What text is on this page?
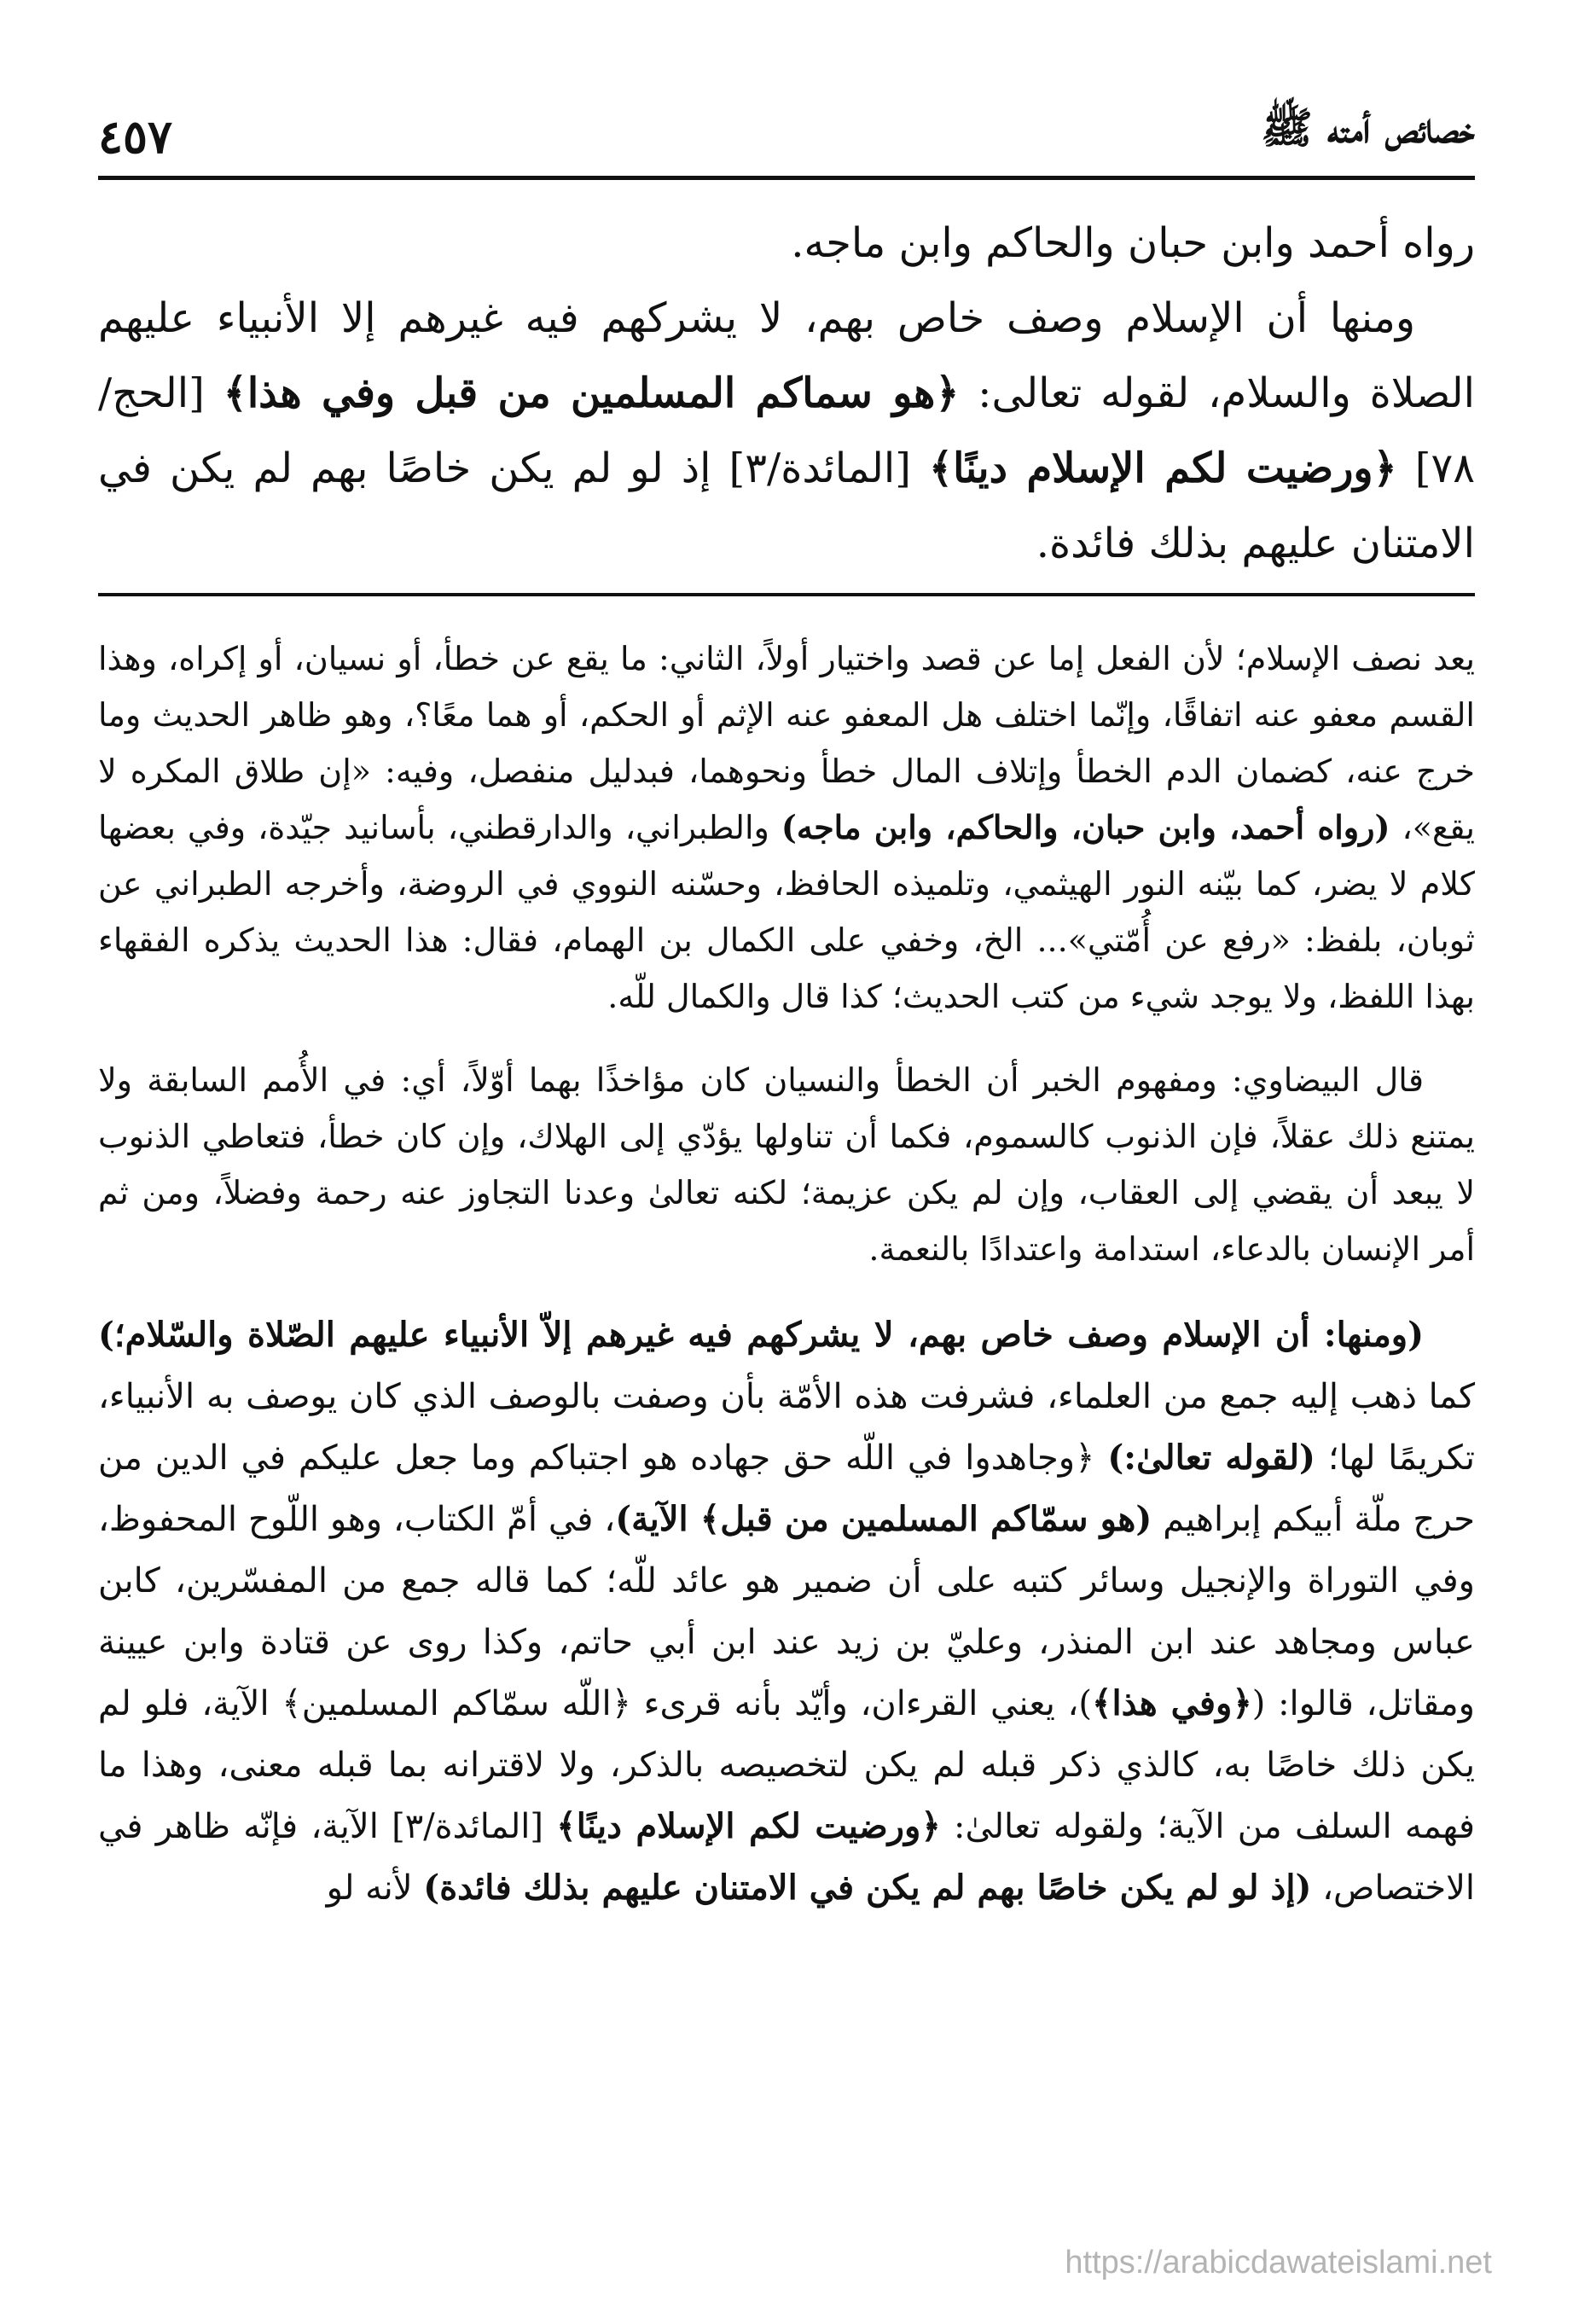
خصائص أمته ﷺ
٤٥٧

رواه أحمد وابن حبان والحاكم وابن ماجه.

ومنها أن الإسلام وصف خاص بهم، لا يشركهم فيه غيرهم إلا الأنبياء عليهم الصلاة والسلام، لقوله تعالى: ﴿هو سماكم المسلمين من قبل وفي هذا﴾ [الحج/ ٧٨] ﴿ورضيت لكم الإسلام دينًا﴾ [المائدة/٣] إذ لو لم يكن خاصًا بهم لم يكن في الامتنان عليهم بذلك فائدة.

يعد نصف الإسلام؛ لأن الفعل إما عن قصد واختيار أولاً، الثاني: ما يقع عن خطأ، أو نسيان، أو إكراه، وهذا القسم معفو عنه اتفاقًا، وإنّما اختلف هل المعفو عنه الإثم أو الحكم، أو هما معًا؟، وهو ظاهر الحديث وما خرج عنه، كضمان الدم الخطأ وإتلاف المال خطأ ونحوهما، فبدليل منفصل، وفيه: «إن طلاق المكره لا يقع»، (رواه أحمد، وابن حبان، والحاكم، وابن ماجه) والطبراني، والدارقطني، بأسانيد جيّدة، وفي بعضها كلام لا يضر، كما بيّنه النور الهيثمي، وتلميذه الحافظ، وحسّنه النووي في الروضة، وأخرجه الطبراني عن ثوبان، بلفظ: «رفع عن أُمّتي»... الخ، وخفي على الكمال بن الهمام، فقال: هذا الحديث يذكره الفقهاء بهذا اللفظ، ولا يوجد شيء من كتب الحديث؛ كذا قال والكمال للّه.

قال البيضاوي: ومفهوم الخبر أن الخطأ والنسيان كان مؤاخذًا بهما أوّلاً، أي: في الأُمم السابقة ولا يمتنع ذلك عقلاً، فإن الذنوب كالسموم، فكما أن تناولها يؤدّي إلى الهلاك، وإن كان خطأ، فتعاطي الذنوب لا يبعد أن يقضي إلى العقاب، وإن لم يكن عزيمة؛ لكنه تعالىٰ وعدنا التجاوز عنه رحمة وفضلاً، ومن ثم أمر الإنسان بالدعاء، استدامة واعتدادًا بالنعمة.

(ومنها: أن الإسلام وصف خاص بهم، لا يشركهم فيه غيرهم إلاّ الأنبياء عليهم الصّلاة والسّلام؛) كما ذهب إليه جمع من العلماء، فشرفت هذه الأمّة بأن وصفت بالوصف الذي كان يوصف به الأنبياء، تكريمًا لها؛ (لقوله تعالىٰ:) ﴿وجاهدوا في اللّه حق جهاده هو اجتباكم وما جعل عليكم في الدين من حرج ملّة أبيكم إبراهيم (هو سمّاكم المسلمين من قبل﴾ الآية)، في أمّ الكتاب، وهو اللّوح المحفوظ، وفي التوراة والإنجيل وسائر كتبه على أن ضمير هو عائد للّه؛ كما قاله جمع من المفسّرين، كابن عباس ومجاهد عند ابن المنذر، وعليّ بن زيد عند ابن أبي حاتم، وكذا روى عن قتادة وابن عيينة ومقاتل، قالوا: (﴿وفي هذا﴾)، يعني القرءان، وأيّد بأنه قرىء ﴿اللّه سمّاكم المسلمين﴾ الآية، فلو لم يكن ذلك خاصًا به، كالذي ذكر قبله لم يكن لتخصيصه بالذكر، ولا لاقترانه بما قبله معنى، وهذا ما فهمه السلف من الآية؛ ولقوله تعالىٰ: ﴿ورضيت لكم الإسلام دينًا﴾ [المائدة/٣] الآية، فإنّه ظاهر في الاختصاص، (إذ لو لم يكن خاصًا بهم لم يكن في الامتنان عليهم بذلك فائدة) لأنه لو

https://arabicdawateislami.net
